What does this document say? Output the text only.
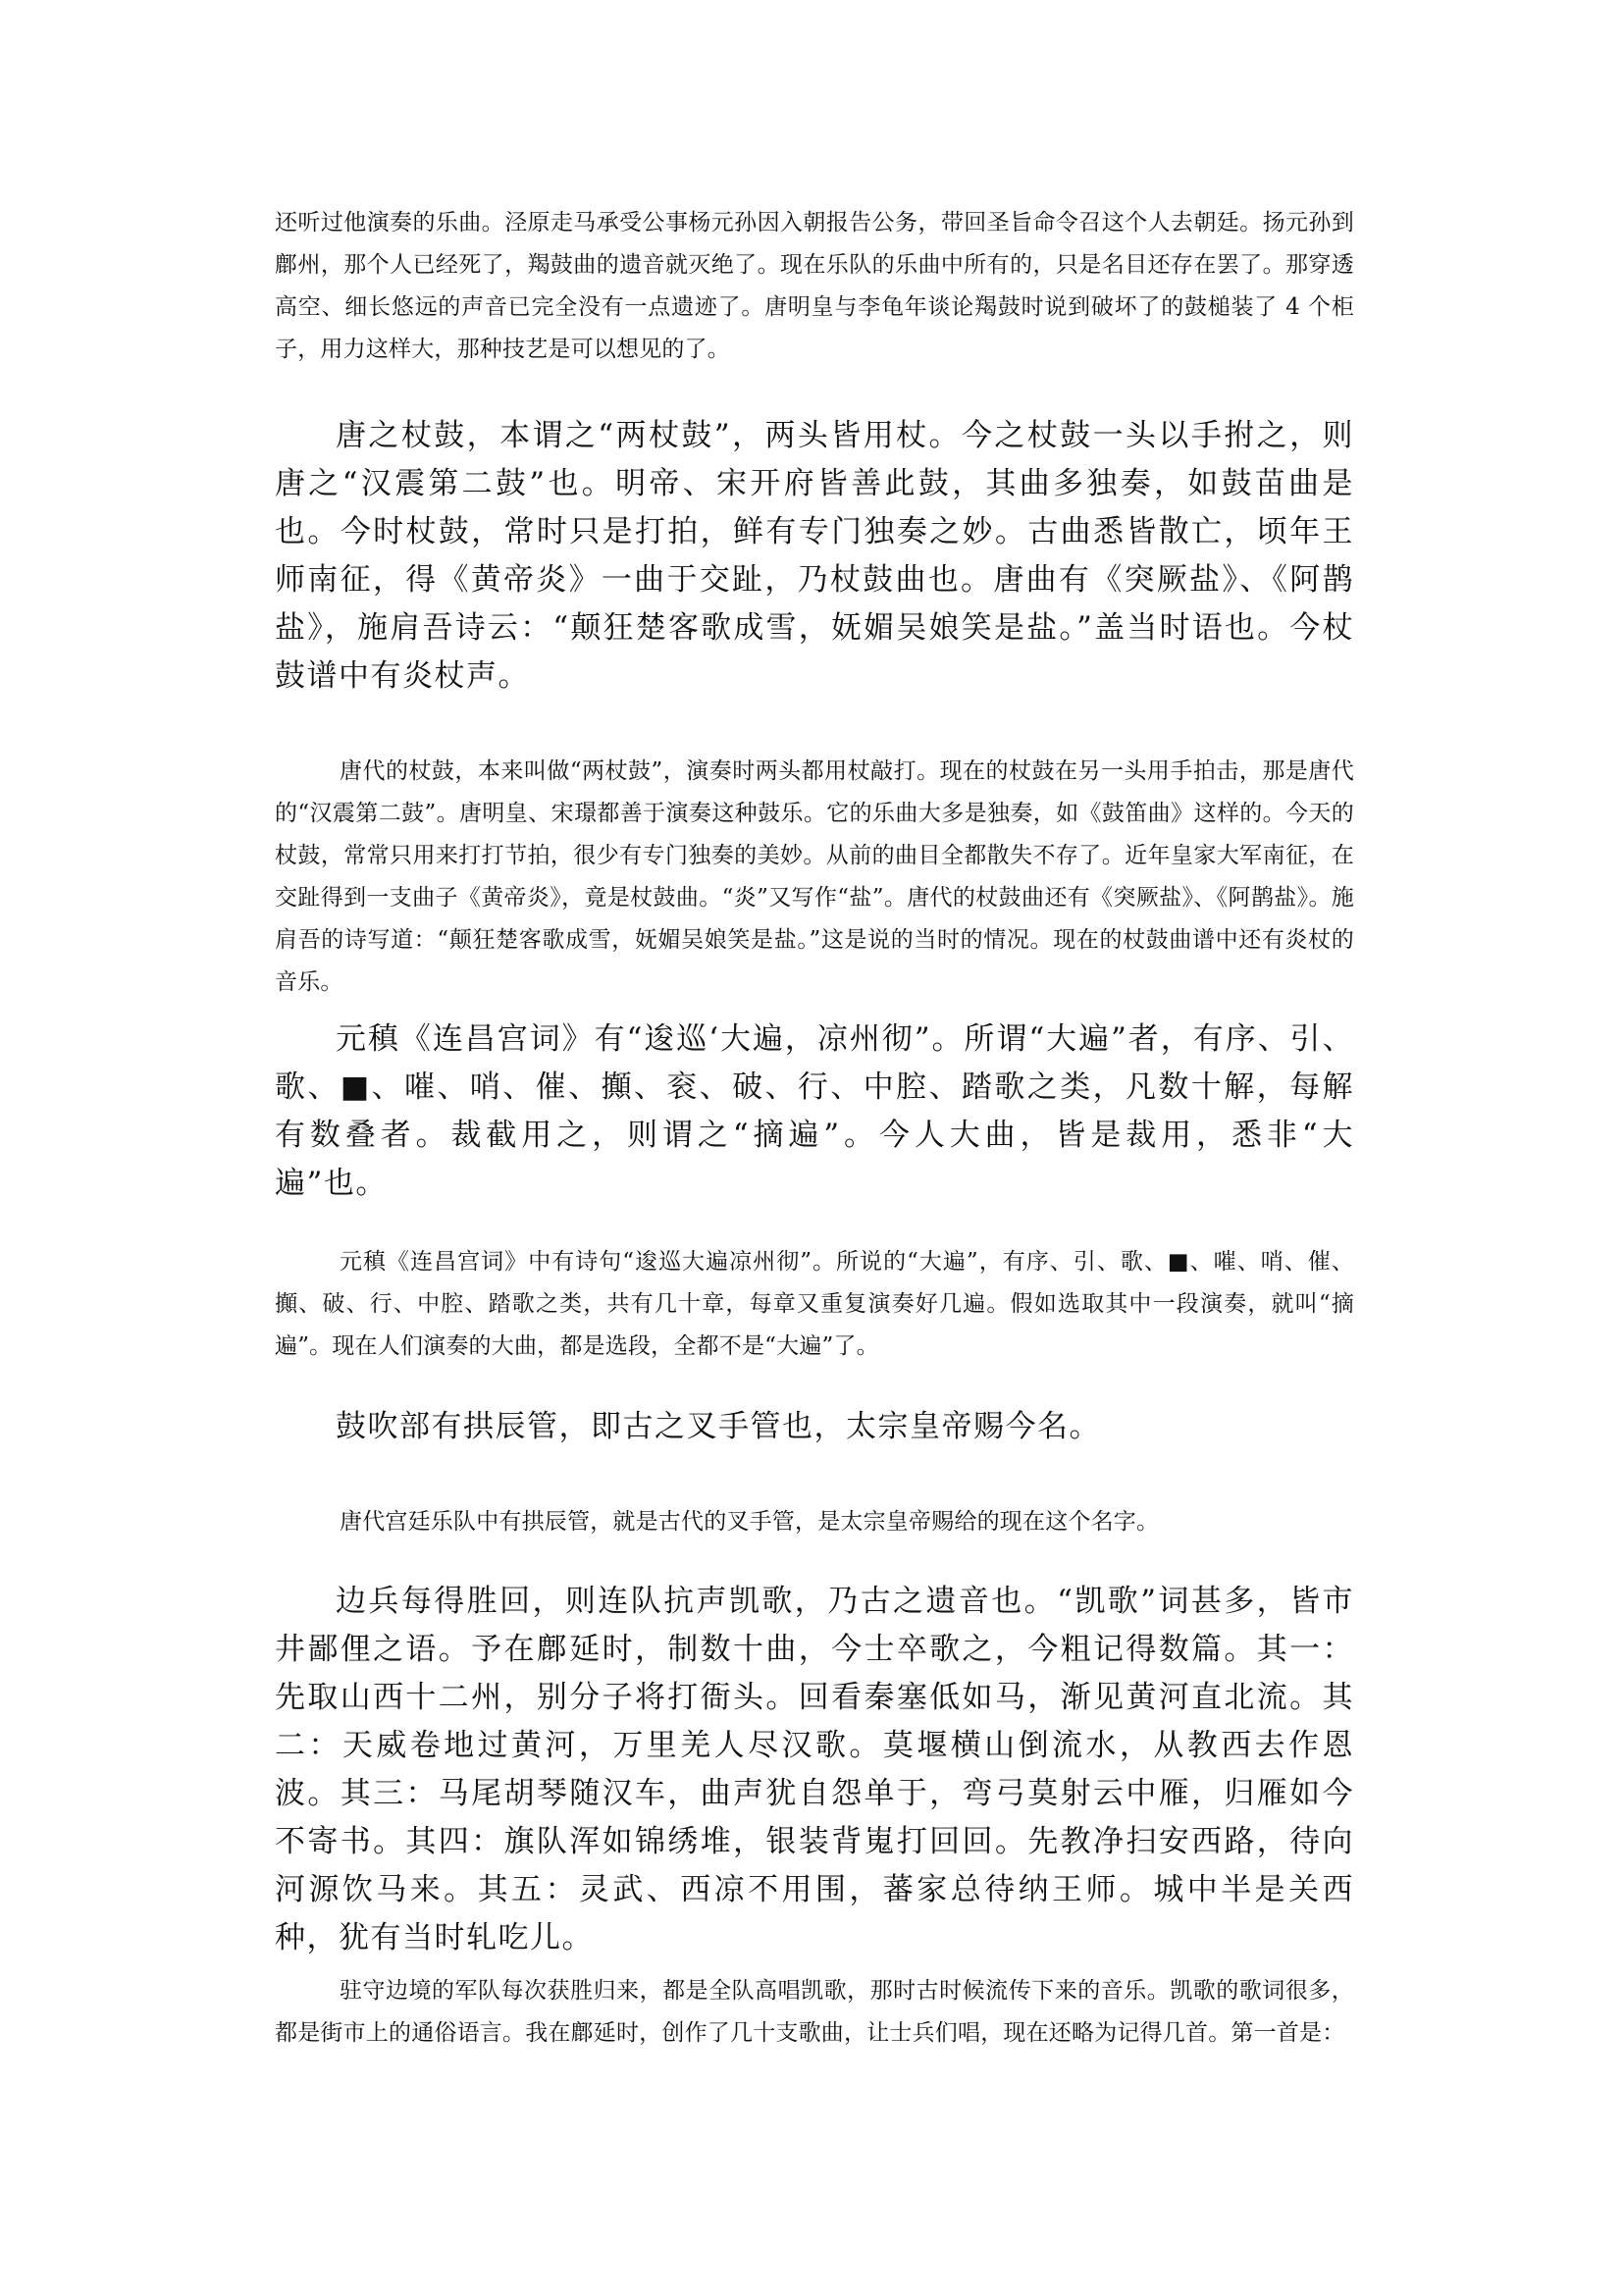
还听过他演奏的乐曲。泾原走马承受公事杨元孙因入朝报告公务，带回圣旨命令召这个人去朝廷。扬元孙到鄜州，那个人已经死了，羯鼓曲的遗音就灭绝了。现在乐队的乐曲中所有的，只是名目还存在罢了。那穿透高空、细长悠远的声音已完全没有一点遗迹了。唐明皇与李龟年谈论羯鼓时说到破坏了的鼓槌装了 4 个柜子，用力这样大，那种技艺是可以想见的了。

唐之杖鼓，本谓之“两杖鼓”，两头皆用杖。今之杖鼓一头以手拊之，则唐之“汉震第二鼓”也。明帝、宋开府皆善此鼓，其曲多独奏，如鼓苗曲是也。今时杖鼓，常时只是打拍，鲜有专门独奏之妙。古曲悉皆散亡，顷年王师南征，得《黄帝炎》一曲于交趾，乃杖鼓曲也。唐曲有《突厥盐》、《阿鹊盐》，施肩吾诗云：“颠狂楚客歌成雪，妩媚吴娘笑是盐。”盖当时语也。今杖鼓谱中有炎杖声。

唐代的杖鼓，本来叫做“两杖鼓”，演奏时两头都用杖敲打。现在的杖鼓在另一头用手拍击，那是唐代的“汉震第二鼓”。唐明皇、宋璟都善于演奏这种鼓乐。它的乐曲大多是独奏，如《鼓笛曲》这样的。今天的杖鼓，常常只用来打打节拍，很少有专门独奏的美妙。从前的曲目全都散失不存了。近年皇家大军南征，在交趾得到一支曲子《黄帝炎》，竟是杖鼓曲。“炎”又写作“盐”。唐代的杖鼓曲还有《突厥盐》、《阿鹊盐》。施肩吾的诗写道：“颠狂楚客歌成雪，妩媚吴娘笑是盐。”这是说的当时的情况。现在的杖鼓曲谱中还有炎杖的音乐。

元稹《连昌宫词》有“逡巡‘大遍，凉州彻”。所谓“大遍”者，有序、引、歌、■、嗺、哨、催、攧、衮、破、行、中腔、踏歌之类，凡数十解，每解有数叠者。裁截用之，则谓之“摘遍”。今人大曲，皆是裁用，悉非“大遍”也。

元稹《连昌宫词》中有诗句“逡巡大遍凉州彻”。所说的“大遍”，有序、引、歌、■、嗺、哨、催、攧、破、行、中腔、踏歌之类，共有几十章，每章又重复演奏好几遍。假如选取其中一段演奏，就叫“摘遍”。现在人们演奏的大曲，都是选段，全都不是“大遍”了。

鼓吹部有拱辰管，即古之叉手管也，太宗皇帝赐今名。

唐代宫廷乐队中有拱辰管，就是古代的叉手管，是太宗皇帝赐给的现在这个名字。

边兵每得胜回，则连队抗声凯歌，乃古之遗音也。“凯歌”词甚多，皆市井鄙俚之语。予在鄜延时，制数十曲，今士卒歌之，今粗记得数篇。其一：先取山西十二州，别分子将打衙头。回看秦塞低如马，渐见黄河直北流。其二：天威卷地过黄河，万里羌人尽汉歌。莫堰横山倒流水，从教西去作恩波。其三：马尾胡琴随汉车，曲声犹自怨单于，弯弓莫射云中雁，归雁如今不寄书。其四：旗队浑如锦绣堆，银装背嵬打回回。先教净扫安西路，待向河源饮马来。其五：灵武、西凉不用围，蕃家总待纳王师。城中半是关西种，犹有当时轧吃儿。

驻守边境的军队每次获胜归来，都是全队高唱凯歌，那时古时候流传下来的音乐。凯歌的歌词很多，都是街市上的通俗语言。我在鄜延时，创作了几十支歌曲，让士兵们唱，现在还略为记得几首。第一首是：
